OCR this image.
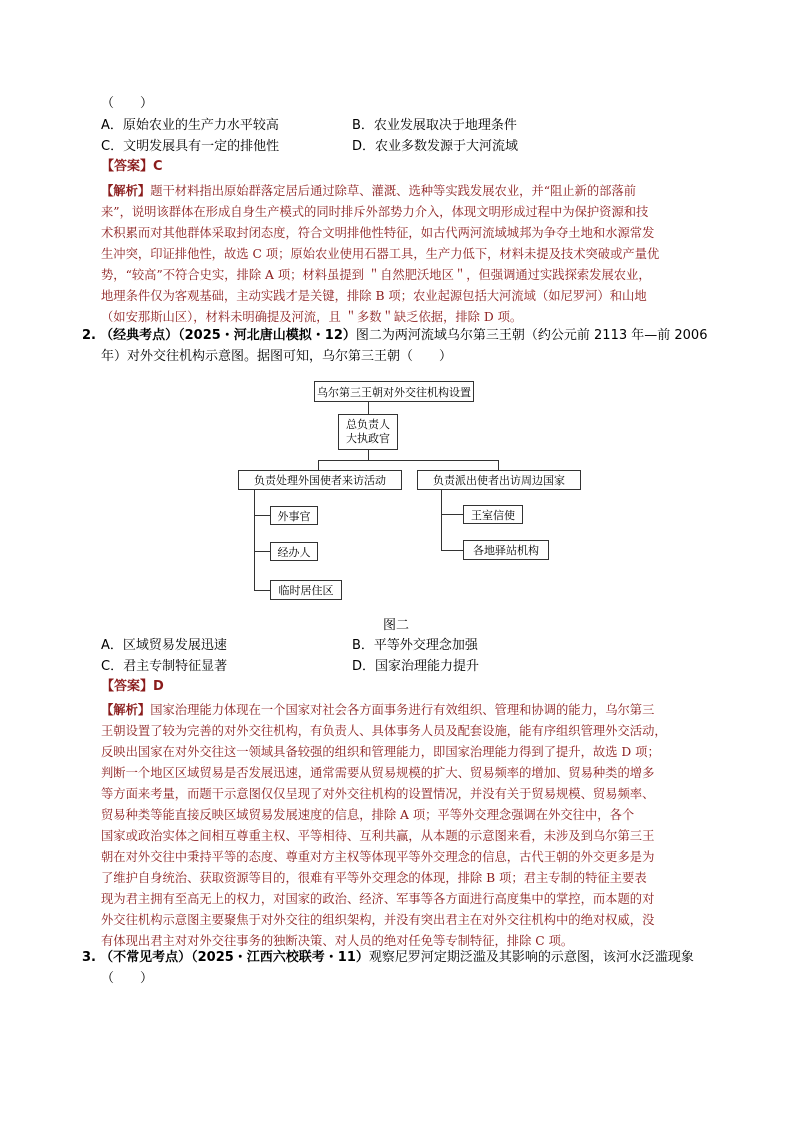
（　　）
A．原始农业的生产力水平较高	B．农业发展取决于地理条件
C．文明发展具有一定的排他性	D．农业多数发源于大河流域
【答案】C

【解析】题干材料指出原始群落定居后通过除草、灌溉、选种等实践发展农业，并“阻止新的部落前

来”，说明该群体在形成自身生产模式的同时排斥外部势力介入，体现文明形成过程中为保护资源和技

术积累而对其他群体采取封闭态度，符合文明排他性特征，如古代两河流域城邦为争夺土地和水源常发

生冲突，印证排他性，故选 C 项；原始农业使用石器工具，生产力低下，材料未提及技术突破或产量优

势，“较高”不符合史实，排除 A 项；材料虽提到 ＂自然肥沃地区＂，但强调通过实践探索发展农业，

地理条件仅为客观基础，主动实践才是关键，排除 B 项；农业起源包括大河流域（如尼罗河）和山地

（如安那斯山区），材料未明确提及河流，且 ＂多数＂缺乏依据，排除 D 项。

2. （经典考点）（2025・河北唐山模拟・12）图二为两河流域乌尔第三王朝（约公元前 2113 年—前 2006
年）对外交往机构示意图。据图可知，乌尔第三王朝（　　）
乌尔第三王朝对外交往机构设置
总负责人
大执政官
负责处理外国使者来访活动	负责派出使者出访周边国家
外事官
经办人
临时居住区
王室信使
各地驿站机构
图二
A．区域贸易发展迅速	B．平等外交理念加强
C．君主专制特征显著	D．国家治理能力提升
【答案】D

【解析】国家治理能力体现在一个国家对社会各方面事务进行有效组织、管理和协调的能力，乌尔第三

王朝设置了较为完善的对外交往机构，有负责人、具体事务人员及配套设施，能有序组织管理外交活动，

反映出国家在对外交往这一领域具备较强的组织和管理能力，即国家治理能力得到了提升，故选 D 项；

判断一个地区区域贸易是否发展迅速，通常需要从贸易规模的扩大、贸易频率的增加、贸易种类的增多

等方面来考量，而题干示意图仅仅呈现了对外交往机构的设置情况，并没有关于贸易规模、贸易频率、

贸易种类等能直接反映区域贸易发展速度的信息，排除 A 项；平等外交理念强调在外交往中，各个

国家或政治实体之间相互尊重主权、平等相待、互利共赢，从本题的示意图来看，未涉及到乌尔第三王

朝在对外交往中秉持平等的态度、尊重对方主权等体现平等外交理念的信息，古代王朝的外交更多是为

了维护自身统治、获取资源等目的，很难有平等外交理念的体现，排除 B 项；君主专制的特征主要表

现为君主拥有至高无上的权力，对国家的政治、经济、军事等各方面进行高度集中的掌控，而本题的对

外交往机构示意图主要聚焦于对外交往的组织架构，并没有突出君主在对外交往机构中的绝对权威，没

有体现出君主对对外交往事务的独断决策、对人员的绝对任免等专制特征，排除 C 项。

3. （不常见考点）（2025・江西六校联考・11）观察尼罗河定期泛滥及其影响的示意图，该河水泛滥现象
（　　）
